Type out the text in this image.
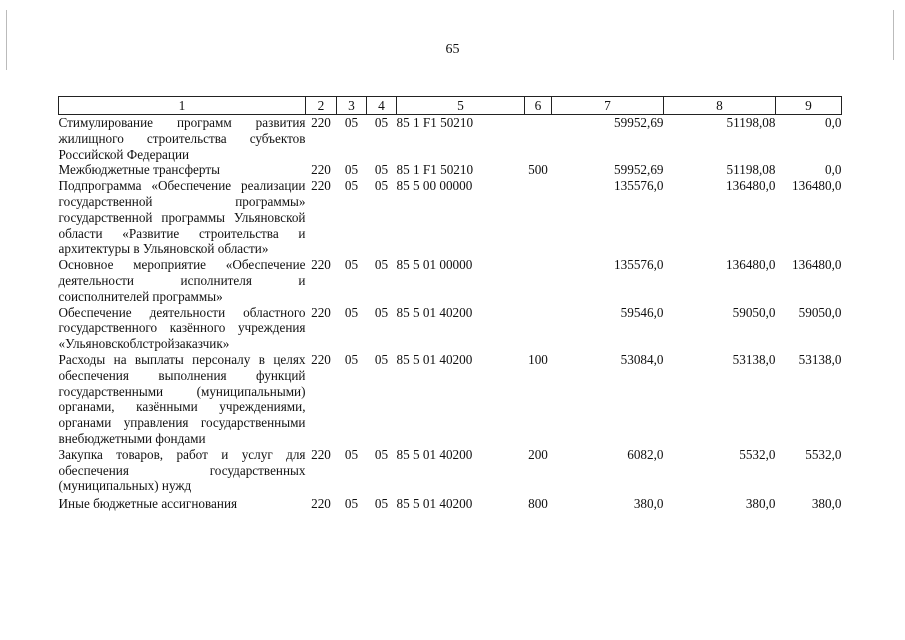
65
1	2	3	4	5	6	7	8	9
Стимулирование программ развития жилищного строительства субъектов Российской Федерации	220	05	05	85 1 F1 50210		59952,69	51198,08	0,0
Межбюджетные трансферты	220	05	05	85 1 F1 50210	500	59952,69	51198,08	0,0
Подпрограмма «Обеспечение реализации государственной программы» государственной программы Ульяновской области «Развитие строительства и архитектуры в Ульяновской области»	220	05	05	85 5 00 00000		135576,0	136480,0	136480,0
Основное мероприятие «Обеспечение деятельности исполнителя и соисполнителей программы»	220	05	05	85 5 01 00000		135576,0	136480,0	136480,0
Обеспечение деятельности областного государственного казённого учреждения «Ульяновскоблстройзаказчик»	220	05	05	85 5 01 40200		59546,0	59050,0	59050,0
Расходы на выплаты персоналу в целях обеспечения выполнения функций государственными (муниципальными) органами, казёнными учреждениями, органами управления государственными внебюджетными фондами	220	05	05	85 5 01 40200	100	53084,0	53138,0	53138,0
Закупка товаров, работ и услуг для обеспечения государственных (муниципальных) нужд	220	05	05	85 5 01 40200	200	6082,0	5532,0	5532,0
Иные бюджетные ассигнования	220	05	05	85 5 01 40200	800	380,0	380,0	380,0
